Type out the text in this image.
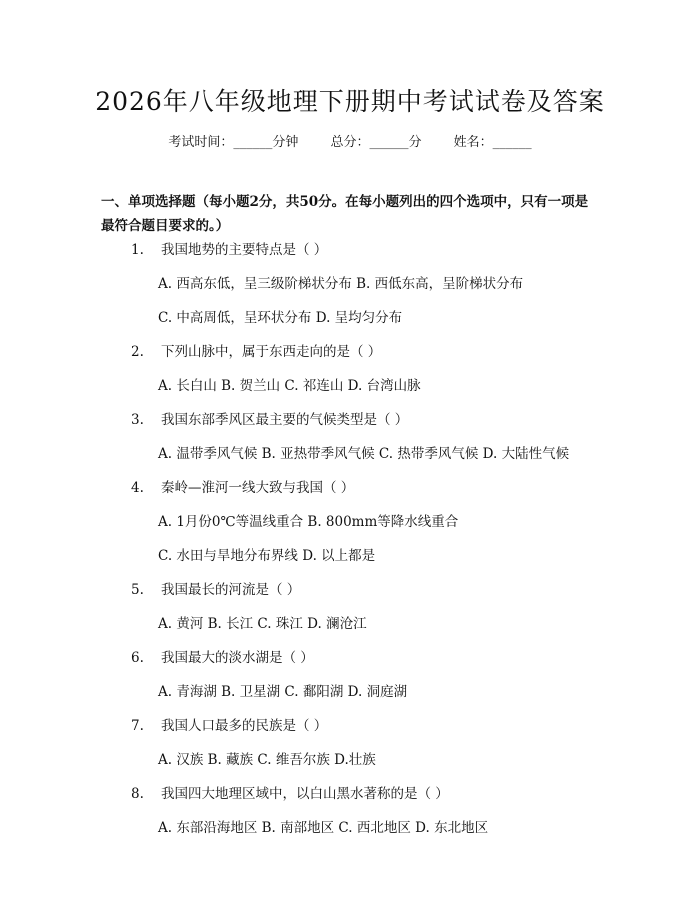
2026年八年级地理下册期中考试试卷及答案
考试时间：______分钟 总分：______分 姓名：______
一、单项选择题（每小题2分，共50分。在每小题列出的四个选项中，只有一项是最符合题目要求的。）
1. 我国地势的主要特点是（ ）
A. 西高东低，呈三级阶梯状分布 B. 西低东高，呈阶梯状分布
C. 中高周低，呈环状分布 D. 呈均匀分布
2. 下列山脉中，属于东西走向的是（ ）
A. 长白山 B. 贺兰山 C. 祁连山 D. 台湾山脉
3. 我国东部季风区最主要的气候类型是（ ）
A. 温带季风气候 B. 亚热带季风气候 C. 热带季风气候 D. 大陆性气候
4. 秦岭—淮河一线大致与我国（ ）
A. 1月份0℃等温线重合 B. 800mm等降水线重合
C. 水田与旱地分布界线 D. 以上都是
5. 我国最长的河流是（ ）
A. 黄河 B. 长江 C. 珠江 D. 澜沧江
6. 我国最大的淡水湖是（ ）
A. 青海湖 B. 卫星湖 C. 鄱阳湖 D. 洞庭湖
7. 我国人口最多的民族是（ ）
A. 汉族 B. 藏族 C. 维吾尔族 D.壮族
8. 我国四大地理区域中，以白山黑水著称的是（ ）
A. 东部沿海地区 B. 南部地区 C. 西北地区 D. 东北地区
